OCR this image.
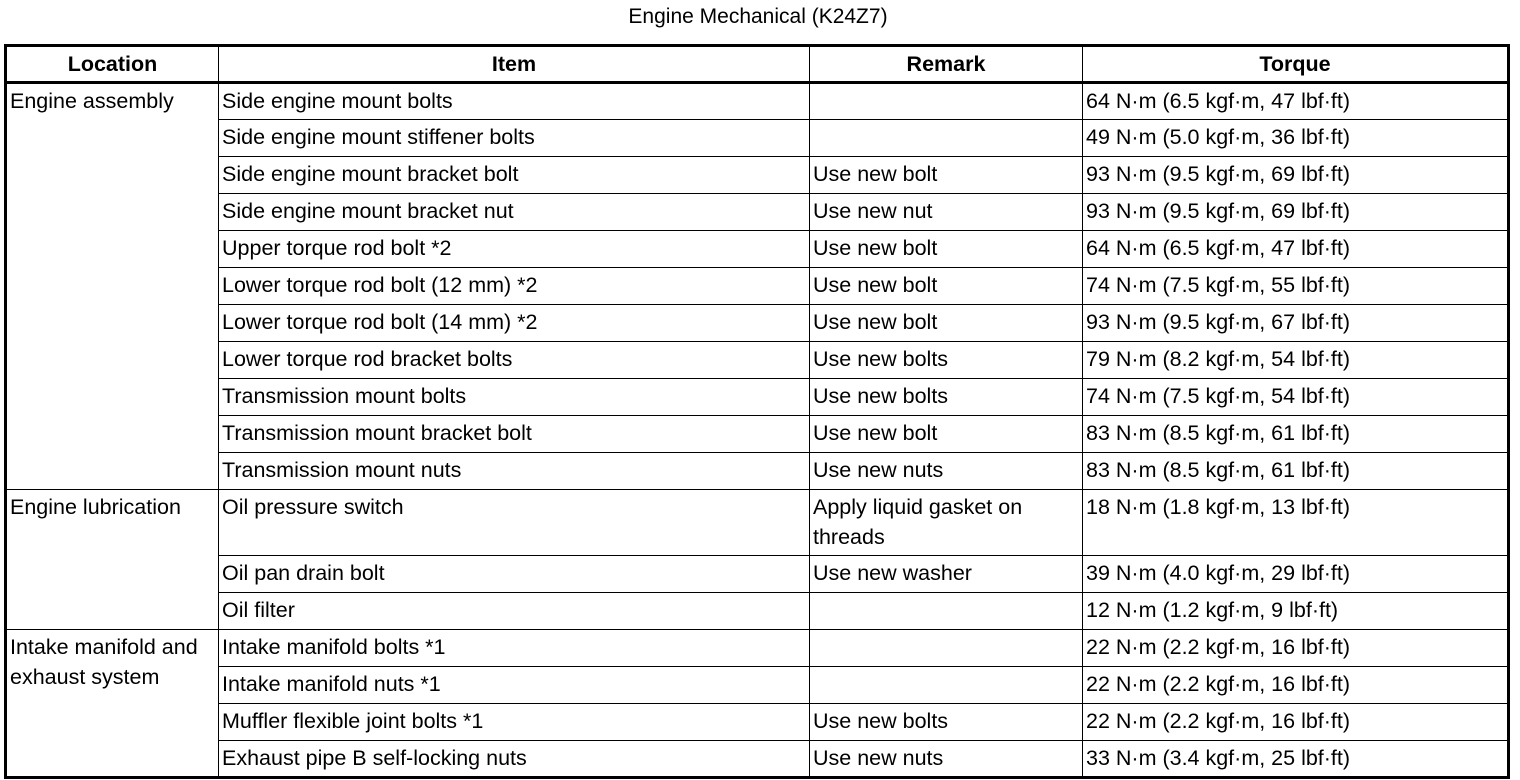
Engine Mechanical (K24Z7)
Location	Item	Remark	Torque
Engine assembly	Side engine mount bolts		64 N·m (6.5 kgf·m, 47 lbf·ft)
	Side engine mount stiffener bolts		49 N·m (5.0 kgf·m, 36 lbf·ft)
	Side engine mount bracket bolt	Use new bolt	93 N·m (9.5 kgf·m, 69 lbf·ft)
	Side engine mount bracket nut	Use new nut	93 N·m (9.5 kgf·m, 69 lbf·ft)
	Upper torque rod bolt *2	Use new bolt	64 N·m (6.5 kgf·m, 47 lbf·ft)
	Lower torque rod bolt (12 mm) *2	Use new bolt	74 N·m (7.5 kgf·m, 55 lbf·ft)
	Lower torque rod bolt (14 mm) *2	Use new bolt	93 N·m (9.5 kgf·m, 67 lbf·ft)
	Lower torque rod bracket bolts	Use new bolts	79 N·m (8.2 kgf·m, 54 lbf·ft)
	Transmission mount bolts	Use new bolts	74 N·m (7.5 kgf·m, 54 lbf·ft)
	Transmission mount bracket bolt	Use new bolt	83 N·m (8.5 kgf·m, 61 lbf·ft)
	Transmission mount nuts	Use new nuts	83 N·m (8.5 kgf·m, 61 lbf·ft)
Engine lubrication	Oil pressure switch	Apply liquid gasket on threads	18 N·m (1.8 kgf·m, 13 lbf·ft)
	Oil pan drain bolt	Use new washer	39 N·m (4.0 kgf·m, 29 lbf·ft)
	Oil filter		12 N·m (1.2 kgf·m, 9 lbf·ft)
Intake manifold and exhaust system	Intake manifold bolts *1		22 N·m (2.2 kgf·m, 16 lbf·ft)
	Intake manifold nuts *1		22 N·m (2.2 kgf·m, 16 lbf·ft)
	Muffler flexible joint bolts *1	Use new bolts	22 N·m (2.2 kgf·m, 16 lbf·ft)
	Exhaust pipe B self-locking nuts	Use new nuts	33 N·m (3.4 kgf·m, 25 lbf·ft)
